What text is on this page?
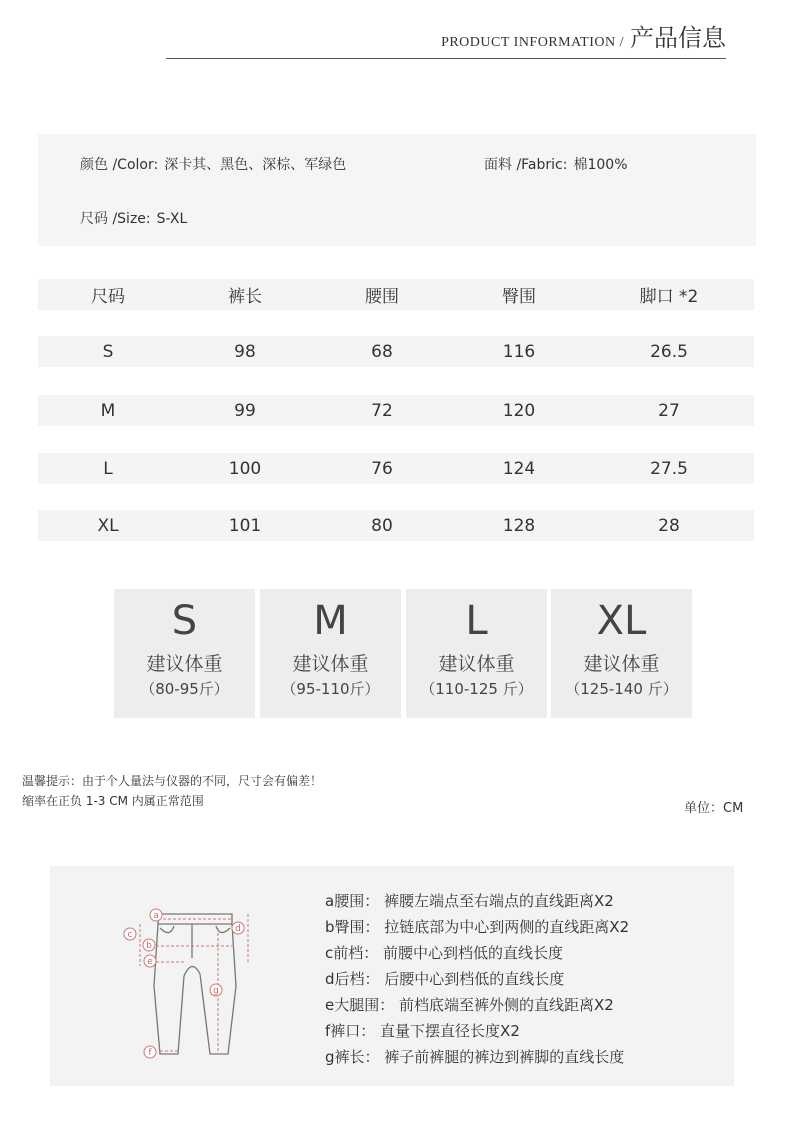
PRODUCT INFORMATION / 产品信息
颜色 /Color: 深卡其、黑色、深棕、军绿色	面料 /Fabric: 棉100%
尺码 /Size: S-XL
尺码	裤长	腰围	臀围	脚口 *2
S	98	68	116	26.5
M	99	72	120	27
L	100	76	124	27.5
XL	101	80	128	28
S
建议体重
（80-95斤）
M
建议体重
（95-110斤）
L
建议体重
（110-125 斤）
XL
建议体重
（125-140 斤）
温馨提示：由于个人量法与仪器的不同，尺寸会有偏差！
缩率在正负 1-3 CM 内属正常范围	单位：CM
a
b
c
d
e
f
g
a腰围： 裤腰左端点至右端点的直线距离X2
b臀围： 拉链底部为中心到两侧的直线距离X2
c前档： 前腰中心到档低的直线长度
d后档： 后腰中心到档低的直线长度
e大腿围： 前档底端至裤外侧的直线距离X2
f裤口： 直量下摆直径长度X2
g裤长： 裤子前裤腿的裤边到裤脚的直线长度
